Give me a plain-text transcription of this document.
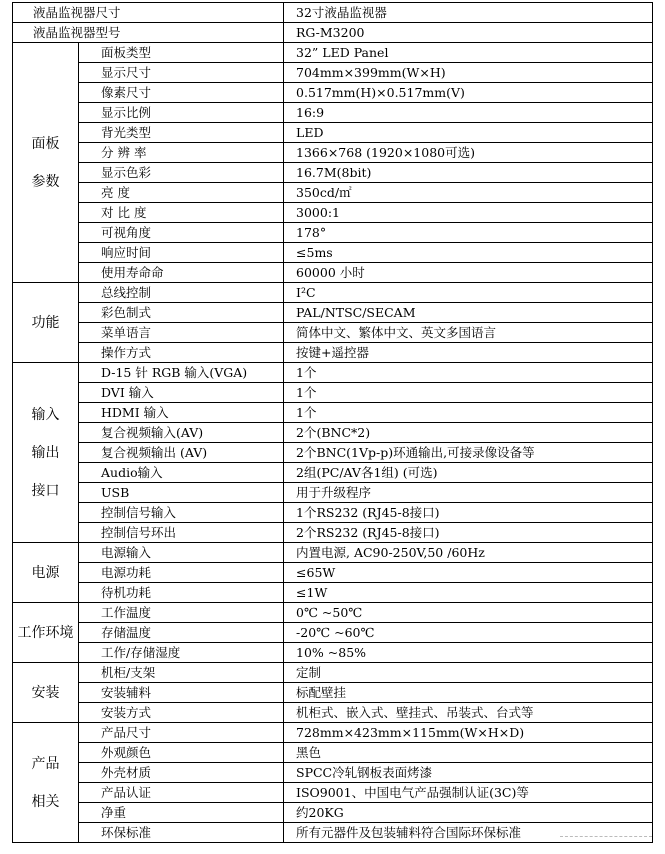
液晶监视器尺寸		32寸液晶监视器
液晶监视器型号		RG-M3200

面板
参数	面板类型	32” LED Panel
	显示尺寸	704mm×399mm(W×H)
	像素尺寸	0.517mm(H)×0.517mm(V)
	显示比例	16:9
	背光类型	LED
	分 辨 率	1366×768 (1920×1080可选)
	显示色彩	16.7M(8bit)
	亮 度	350cd/㎡
	对 比 度	3000:1
	可视角度	178°
	响应时间	≤5ms
	使用寿命命	60000 小时

功能	总线控制	I²C
	彩色制式	PAL/NTSC/SECAM
	菜单语言	简体中文、繁体中文、英文多国语言
	操作方式	按键+遥控器

输入
输出
接口	D-15 针 RGB 输入(VGA)	1个
	DVI 输入	1个
	HDMI 输入	1个
	复合视频输入(AV)	2个(BNC*2)
	复合视频输出 (AV)	2个BNC(1Vp-p)环通输出,可接录像设备等
	Audio输入	2组(PC/AV各1组) (可选)
	USB	用于升级程序
	控制信号输入	1个RS232 (RJ45-8接口)
	控制信号环出	2个RS232 (RJ45-8接口)

电源	电源输入	内置电源, AC90-250V,50 /60Hz
	电源功耗	≤65W
	待机功耗	≤1W

工作环境	工作温度	0℃ ~50℃
	存储温度	-20℃ ~60℃
	工作/存储湿度	10% ~85%

安装	机柜/支架	定制
	安装辅料	标配壁挂
	安装方式	机柜式、嵌入式、壁挂式、吊装式、台式等

产品
相关	产品尺寸	728mm×423mm×115mm(W×H×D)
	外观颜色	黑色
	外壳材质	SPCC冷轧钢板表面烤漆
	产品认证	ISO9001、中国电气产品强制认证(3C)等
	净重	约20KG
	环保标准	所有元器件及包装辅料符合国际环保标准
